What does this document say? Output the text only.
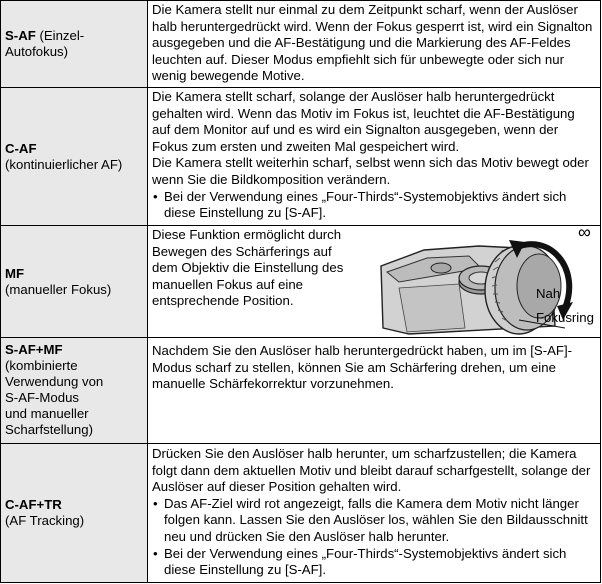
S-AF (Einzel-
Autofokus)

Die Kamera stellt nur einmal zu dem Zeitpunkt scharf, wenn der Auslöser halb heruntergedrückt wird. Wenn der Fokus gesperrt ist, wird ein Signalton ausgegeben und die AF-Bestätigung und die Markierung des AF-Feldes leuchten auf. Dieser Modus empfiehlt sich für unbewegte oder sich nur wenig bewegende Motive.

C-AF
(kontinuierlicher AF)

Die Kamera stellt scharf, solange der Auslöser halb heruntergedrückt gehalten wird. Wenn das Motiv im Fokus ist, leuchtet die AF-Bestätigung auf dem Monitor auf und es wird ein Signalton ausgegeben, wenn der Fokus zum ersten und zweiten Mal gespeichert wird.

Die Kamera stellt weiterhin scharf, selbst wenn sich das Motiv bewegt oder wenn Sie die Bildkomposition verändern.

• Bei der Verwendung eines „Four-Thirds“-Systemobjektivs ändert sich diese Einstellung zu [S-AF].
MF
(manueller Fokus)

Diese Funktion ermöglicht durch Bewegen des Schärferings auf dem Objektiv die Einstellung des manuellen Fokus auf eine entsprechende Position.

∞
Nah
Fokusring
S-AF+MF
(kombinierte
Verwendung von
S-AF-Modus
und manueller
Scharfstellung)

Nachdem Sie den Auslöser halb heruntergedrückt haben, um im [S-AF]-Modus scharf zu stellen, können Sie am Schärfering drehen, um eine manuelle Schärfekorrektur vorzunehmen.

C-AF+TR
(AF Tracking)

Drücken Sie den Auslöser halb herunter, um scharfzustellen; die Kamera folgt dann dem aktuellen Motiv und bleibt darauf scharfgestellt, solange der Auslöser auf dieser Position gehalten wird.

• Das AF-Ziel wird rot angezeigt, falls die Kamera dem Motiv nicht länger folgen kann. Lassen Sie den Auslöser los, wählen Sie den Bildausschnitt neu und drücken Sie den Auslöser halb herunter.
• Bei der Verwendung eines „Four-Thirds“-Systemobjektivs ändert sich diese Einstellung zu [S-AF].
